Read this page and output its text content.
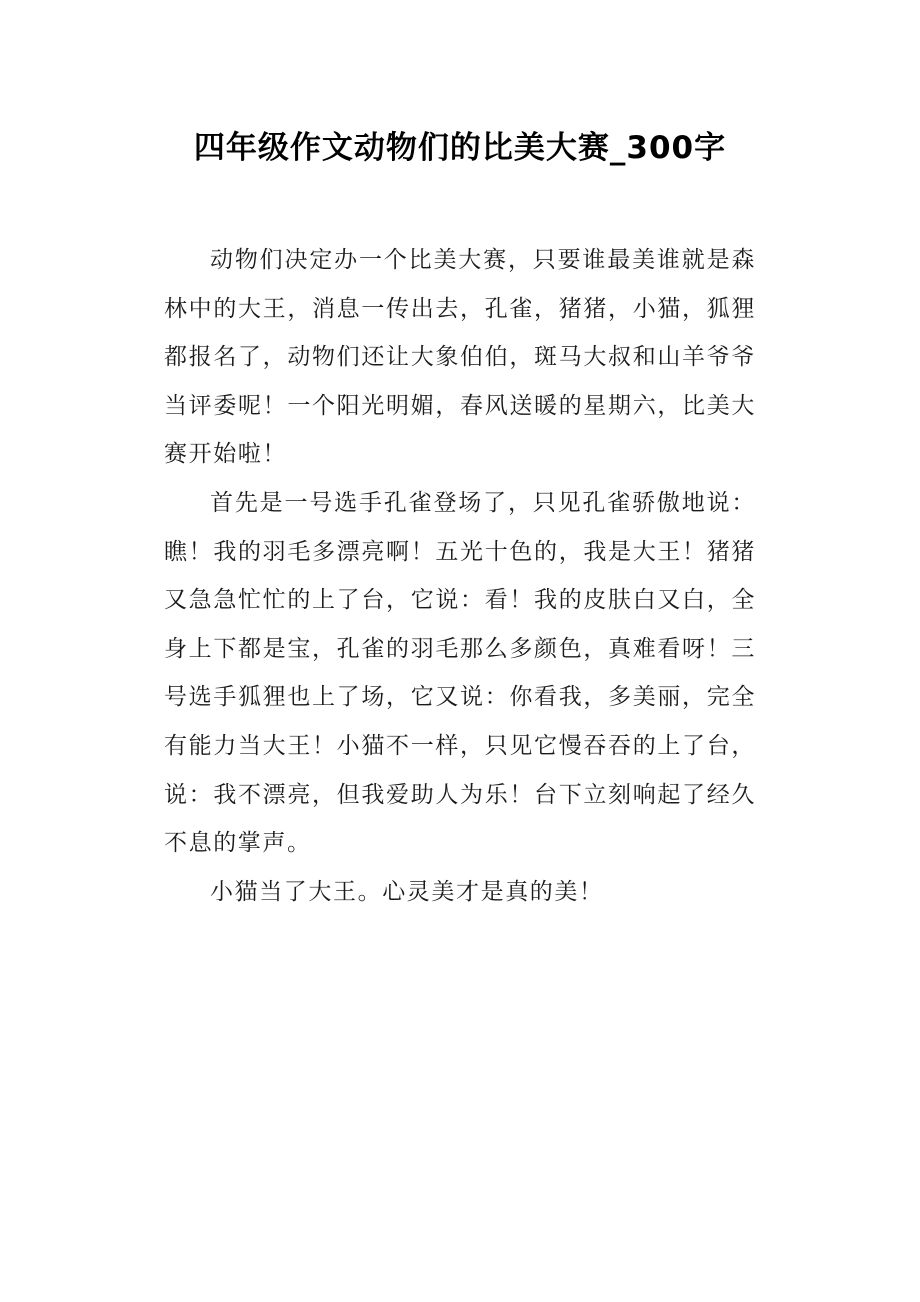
四年级作文动物们的比美大赛_300字

动物们决定办一个比美大赛，只要谁最美谁就是森林中的大王，消息一传出去，孔雀，猪猪，小猫，狐狸都报名了，动物们还让大象伯伯，斑马大叔和山羊爷爷当评委呢！一个阳光明媚，春风送暖的星期六，比美大赛开始啦！

首先是一号选手孔雀登场了，只见孔雀骄傲地说：瞧！我的羽毛多漂亮啊！五光十色的，我是大王！猪猪又急急忙忙的上了台，它说：看！我的皮肤白又白，全身上下都是宝，孔雀的羽毛那么多颜色，真难看呀！三号选手狐狸也上了场，它又说：你看我，多美丽，完全有能力当大王！小猫不一样，只见它慢吞吞的上了台，说：我不漂亮，但我爱助人为乐！台下立刻响起了经久不息的掌声。

小猫当了大王。心灵美才是真的美！
